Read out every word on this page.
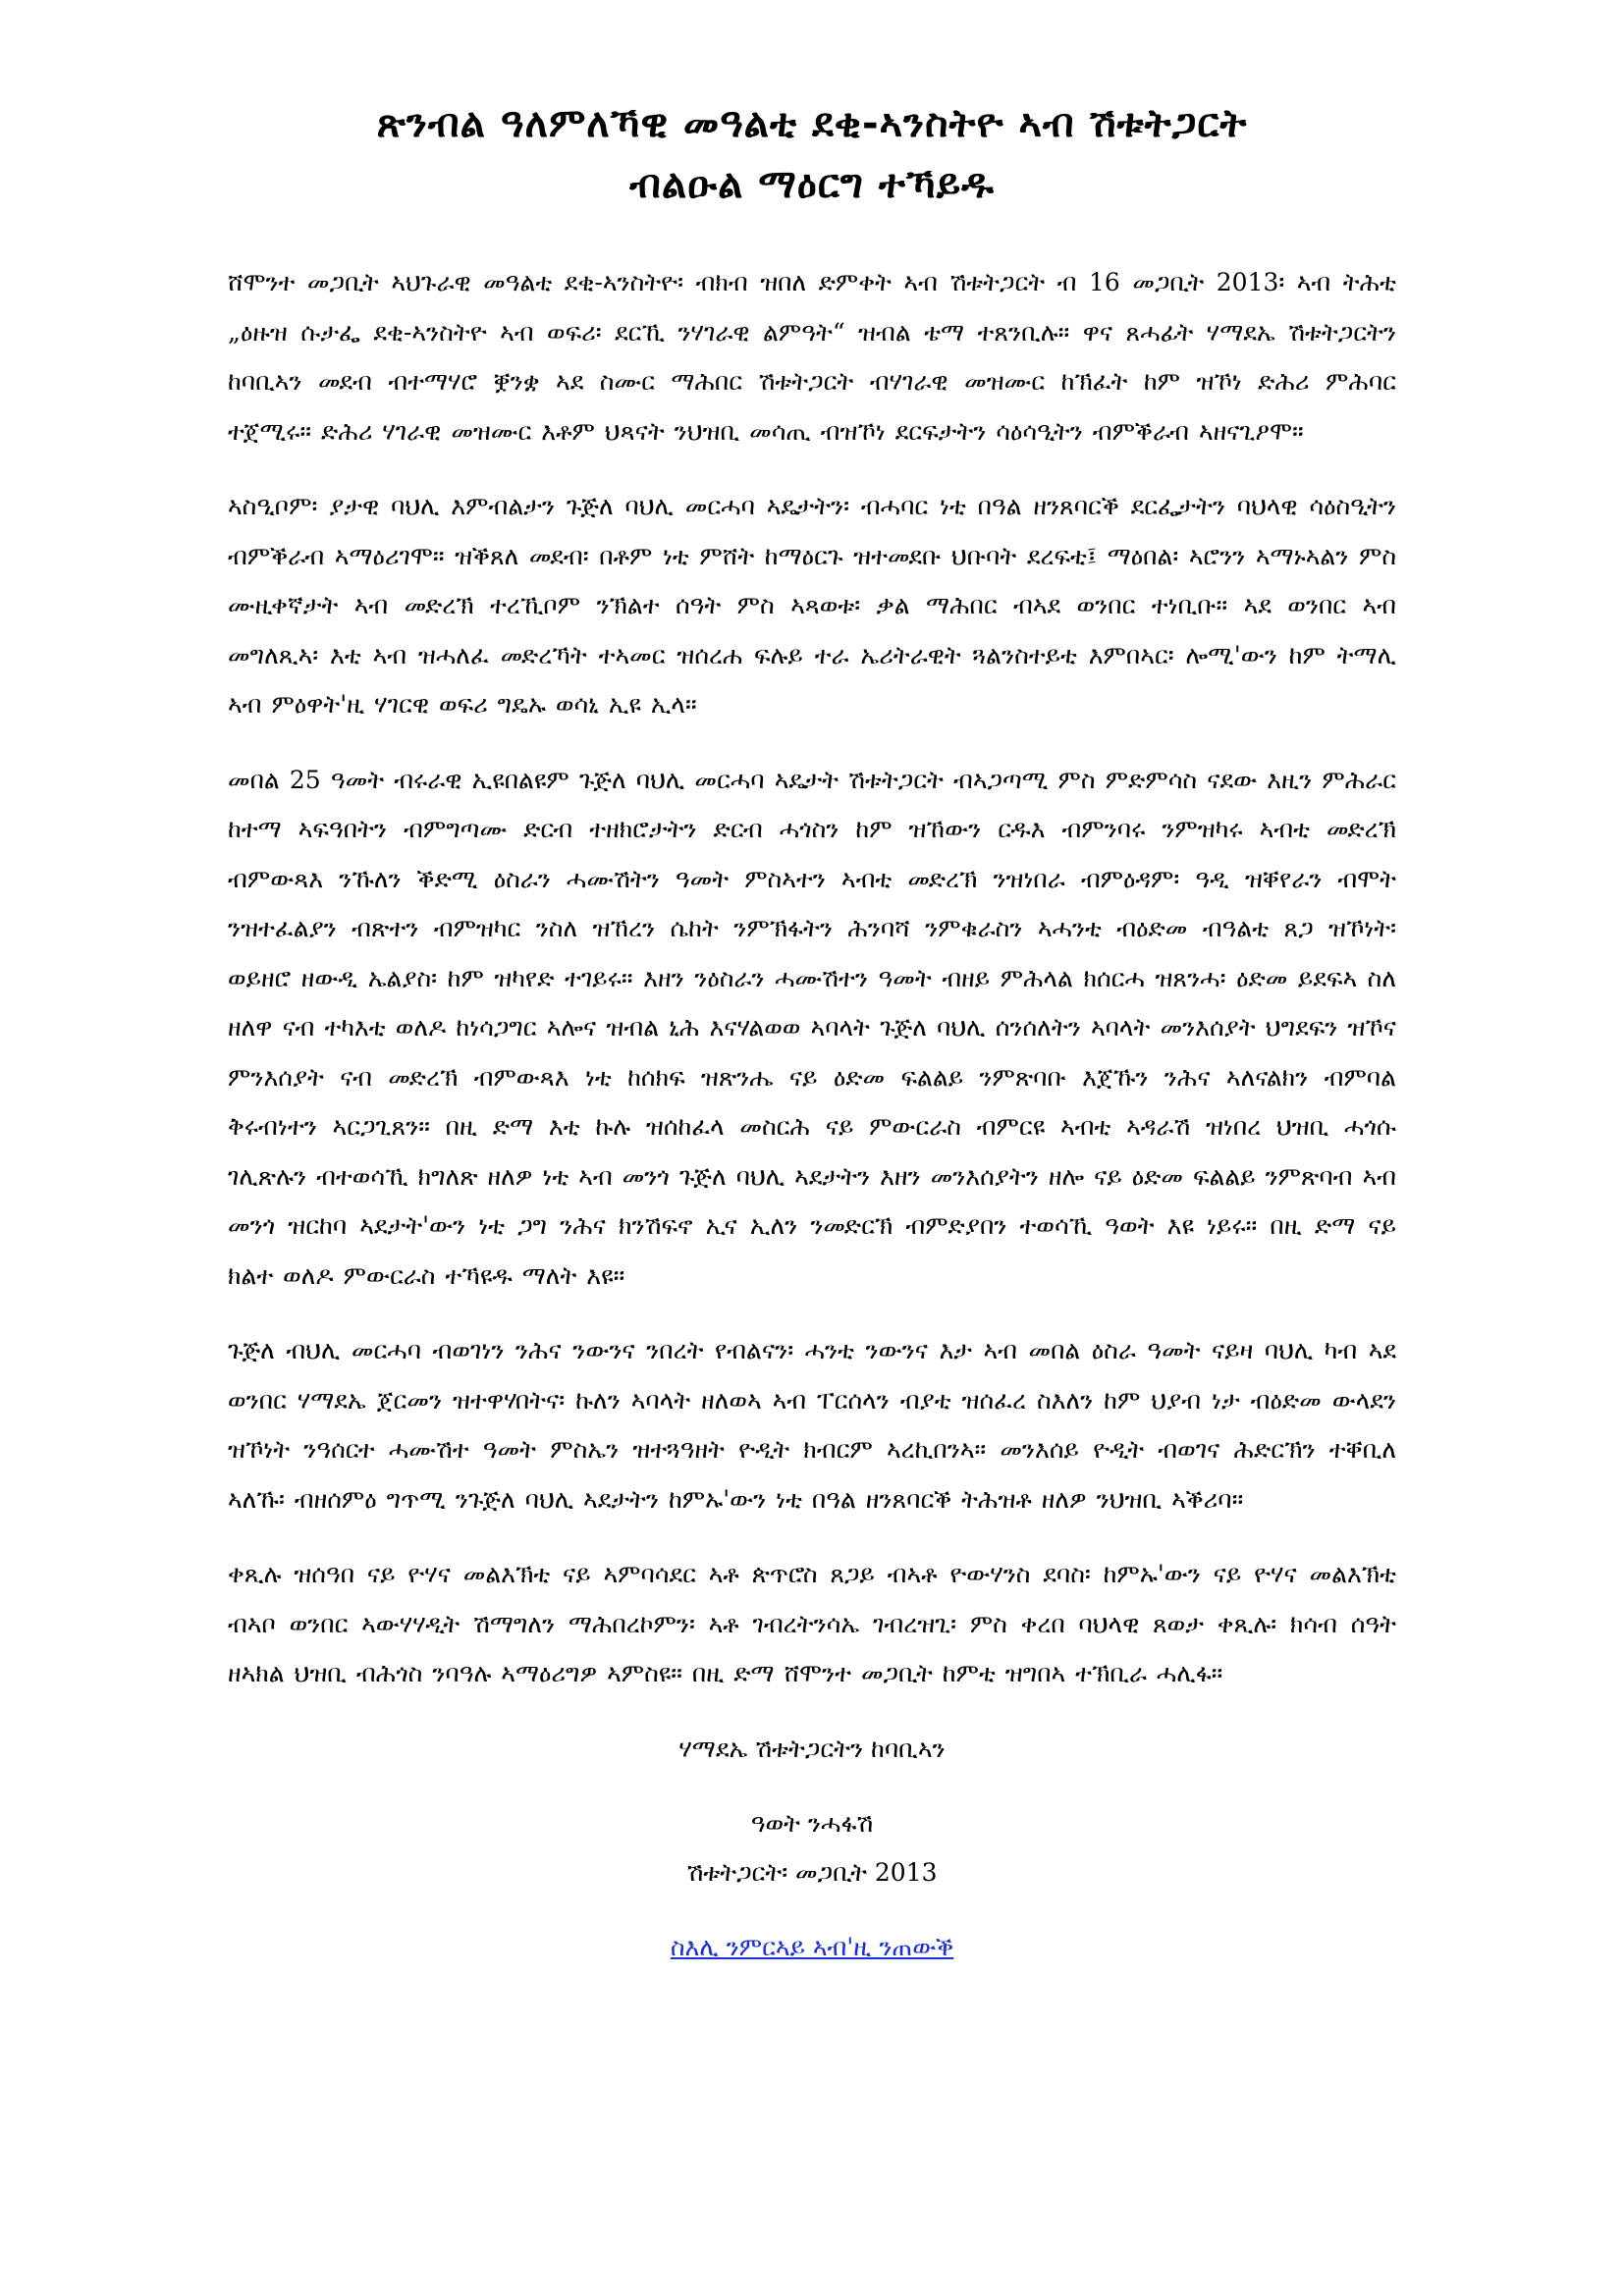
ጽንብል ዓለምለኻዊ መዓልቲ ደቂ-ኣንስትዮ ኣብ ሽቱትጋርት
ብልዑል ማዕርግ ተኻይዱ

ሸሞንተ መጋቢት ኣህጉራዊ መዓልቲ ደቂ-ኣንስትዮ፡ ብክብ ዝበለ ድምቀት ኣብ ሽቱትጋርት ብ 16 መጋቢት 2013፡ ኣብ ትሕቲ „ዕዙዝ ሱታፌ ደቂ-ኣንስትዮ ኣብ ወፍሪ፡ ደርኺ ንሃገራዊ ልምዓት“ ዝብል ቴማ ተጸንቢሉ። ዋና ጸሓፊት ሃማደኤ ሽቱትጋርትን ከባቢኣን መደብ ብተማሃሮ ቛንቋ ኣደ ስሙር ማሕበር ሽቱትጋርት ብሃገራዊ መዝሙር ከኽፈት ከም ዝኾነ ድሕሪ ምሕባር ተጀሚሩ። ድሕሪ ሃገራዊ መዝሙር እቶም ህጻናት ንህዝቢ መሳጢ ብዝኾነ ደርፍታትን ሳዕሳዒትን ብምቕራብ ኣዘናጊዖሞ።

ኣስዒቦም፡ ያታዊ ባህሊ እምብልታን ጉጅለ ባህሊ መርሓባ ኣዴታትን፡ ብሓባር ነቲ በዓል ዘንጸባርቕ ደርፌታትን ባህላዊ ሳዕስዒትን ብምቕራብ ኣማዕሪገሞ። ዝቕጸለ መደብ፡ በቶም ነቲ ምሸት ከማዕርጉ ዝተመደቡ ህቡባት ደረፍቲ፤ ማዕበል፡ ኣሮንን ኣማኑኣልን ምስ ሙዚቀኛታት ኣብ መድረኽ ተረኺቦም ንኽልተ ሰዓት ምስ ኣጻወቱ፡ ቃል ማሕበር ብኣደ ወንበር ተነቢቡ። ኣደ ወንበር ኣብ መግለጺኣ፡ እቲ ኣብ ዝሓለፈ መድረኻት ተኣመር ዝሰረሐ ፍሉይ ተራ ኤሪትራዊት ጓልንስተይቲ እምበኣር፡ ሎሚ'ውን ከም ትማሊ ኣብ ምዕዋት'ዚ ሃገርዊ ወፍሪ ግዴኡ ወሳኒ ኢዩ ኢላ።

መበል 25 ዓመት ብሩራዊ ኢዩበልዩም ጉጅለ ባህሊ መርሓባ ኣዴታት ሽቱትጋርት ብኣጋጣሚ ምስ ምድምሳስ ናደው እዚን ምሕራር ከተማ ኣፍዓበትን ብምግጣሙ ድርብ ተዘክሮታትን ድርብ ሓጎስን ከም ዝኸውን ርዱእ ብምንባሩ ንምዝካሩ ኣብቲ መድረኽ ብምውጻእ ንኹለን ቕድሚ ዕስራን ሓሙሽትን ዓመት ምስኣተን ኣብቲ መድረኽ ንዝነበራ ብምዕዳም፡ ዓዲ ዝቐየራን ብሞት ንዝተፈልያን ብጽተን ብምዝካር ንስለ ዝኸረን ሴከት ንምኽፋትን ሕንባሻ ንምቁራስን ኣሓንቲ ብዕድመ ብዓልቲ ጸጋ ዝኾነት፡ ወይዘሮ ዘውዲ ኤልያስ፡ ከም ዝካየድ ተገይሩ። እዘን ንዕስራን ሓሙሽተን ዓመት ብዘይ ምሕላል ክሰርሓ ዝጸንሓ፡ ዕድመ ይደፍኣ ስለ ዘለዋ ናብ ተካእቲ ወለዶ ከነሳጋግር ኣሎና ዝብል ኒሕ እናሃልወወ ኣባላት ጉጅለ ባህሊ ሰንሰለትን ኣባላት መንእሰያት ህግደፍን ዝኾና ምንእሰያት ናብ መድረኽ ብምውጻእ ነቲ ከሰክፍ ዝጽንሔ ናይ ዕድመ ፍልልይ ንምጽባቡ እጀኹን ንሕና ኣለናልክን ብምባል ቅሩብነተን ኣርጋጊጸን። በዚ ድማ እቲ ኩሉ ዝሰከፈላ መስርሕ ናይ ምውርራስ ብምርዩ ኣብቲ ኣዳራሽ ዝነበረ ህዝቢ ሓጎሱ ገሊጽሉን ብተወሳኺ ክግለጽ ዘለዎ ነቲ ኣብ መንጎ ጉጅለ ባህሊ ኣደታትን እዘን መንእሰያትን ዘሎ ናይ ዕድመ ፍልልይ ንምጽባብ ኣብ መንጎ ዝርከባ ኣደታት'ውን ነቲ ጋግ ንሕና ክንሽፍኖ ኢና ኢለን ንመድርኽ ብምድያበን ተወሳኺ ዓወት እዩ ነይሩ። በዚ ድማ ናይ ክልተ ወለዶ ምውርራስ ተኻዩዱ ማለት እዩ።

ጉጅለ ብህሊ መርሓባ ብወገነን ንሕና ንውንና ንበረት የብልናን፡ ሓንቲ ንውንና እታ ኣብ መበል ዕስራ ዓመት ናይዛ ባህሊ ካብ ኣደ ወንበር ሃማደኤ ጀርመን ዝተዋሃበትና፡ ኩለን ኣባላት ዘለወኣ ኣብ ፐርሰላን ብያቲ ዝሰፈረ ስእለን ከም ህያብ ነታ ብዕድመ ውላደን ዝኾነት ንዓሰርተ ሓሙሽተ ዓመት ምስኤን ዝተጓዓዘት ዮዲት ክብርም ኣረኪበንኣ። መንእሰይ ዮዲት ብወገና ሕድርኽን ተቐቢለ ኣለኹ፡ ብዘሰምዕ ግጥሚ ንጉጅለ ባህሊ ኣደታትን ከምኡ'ውን ነቲ በዓል ዘንጸባርቕ ትሕዝቶ ዘለዎ ንህዝቢ ኣቕሪባ።

ቀጺሉ ዝሰዓበ ናይ ዮሃና መልእኽቲ ናይ ኣምባሳደር ኣቶ ጵጥሮስ ጸጋይ ብኣቶ ዮውሃንስ ደባስ፡ ከምኡ'ውን ናይ ዮሃና መልእኽቲ ብኣቦ ወንበር ኣውሃሃዲት ሽማግለን ማሕበረኮምን፡ ኣቶ ገብረትንሳኤ ገብረዝጊ፡ ምስ ቀረበ ባህላዊ ጸወታ ቀጺሉ፡ ክሳብ ሰዓት ዘኣክል ህዝቢ ብሕጎስ ንባዓሉ ኣማዕሪግዎ ኣምስዩ። በዚ ድማ ሸሞንተ መጋቢት ከምቲ ዝግበኣ ተኽቢራ ሓሊፋ።

ሃማደኤ ሽቱትጋርትን ከባቢኣን

ዓወት ንሓፋሽ

ሽቱትጋርት፡ መጋቢት 2013

ስእሊ ንምርኣይ ኣብ'ዚ ንጠውቕ
